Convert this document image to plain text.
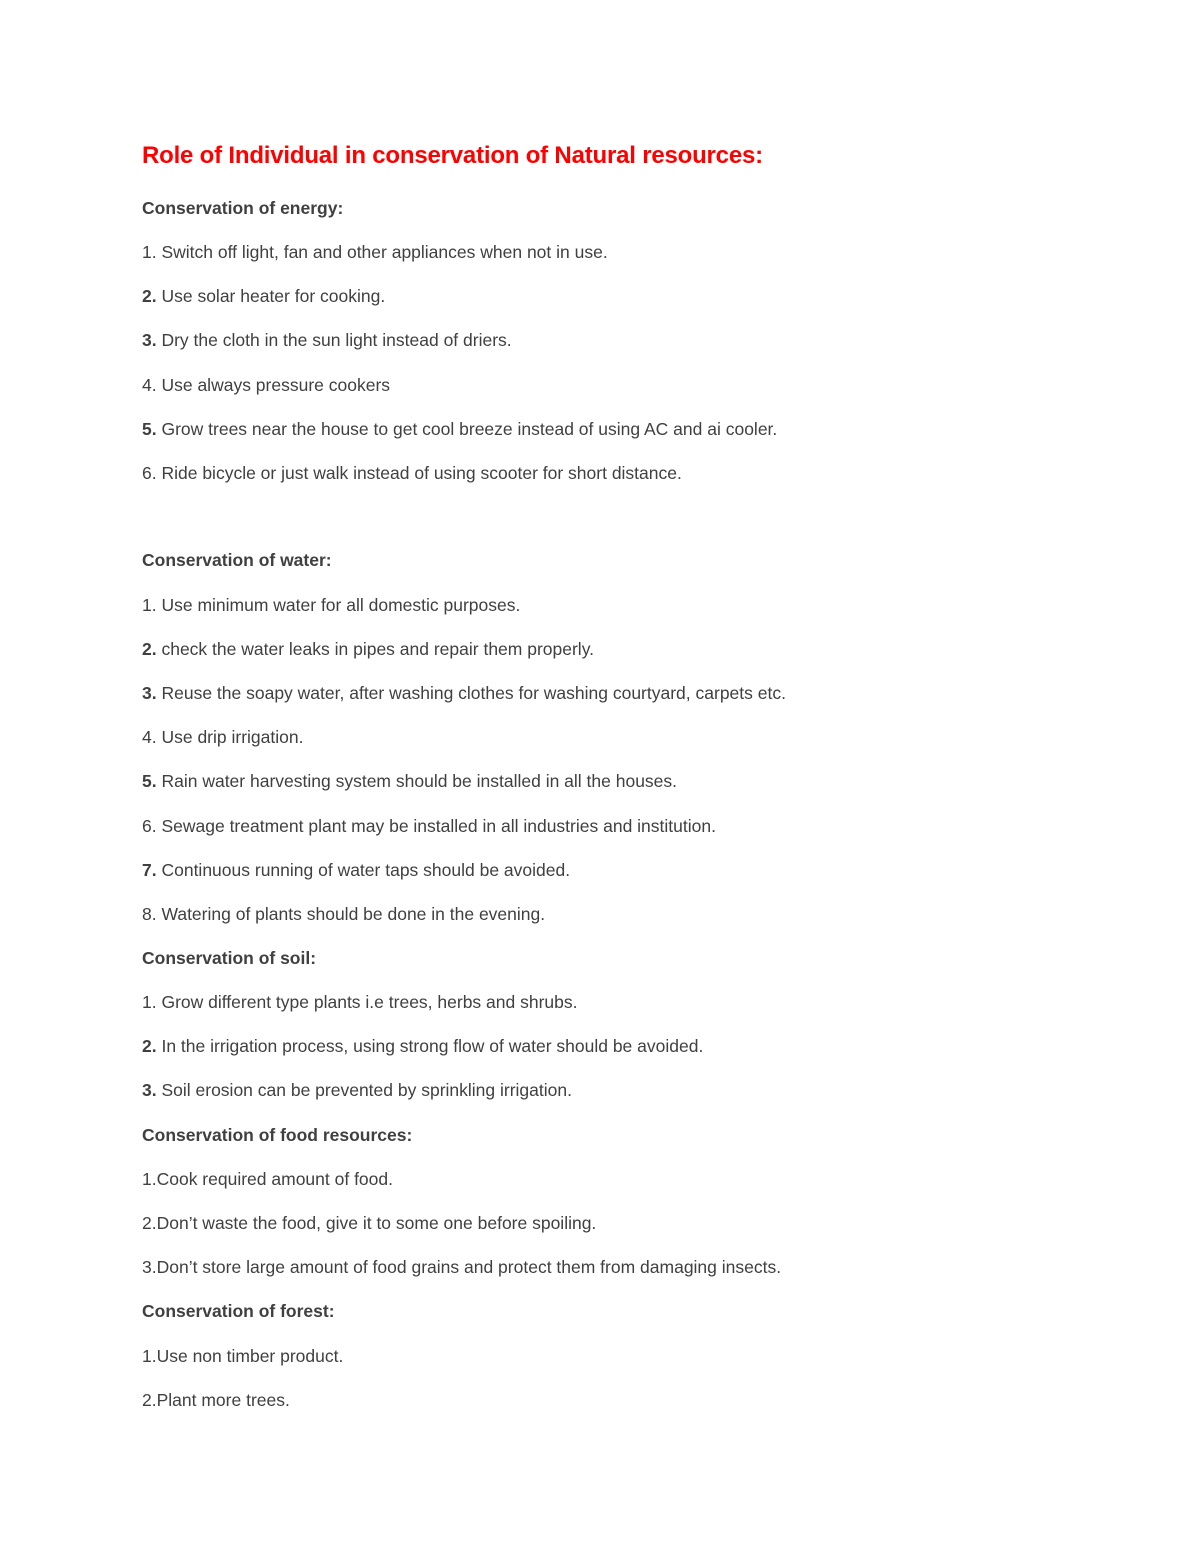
Role of Individual in conservation of Natural resources:
Conservation of energy:
1. Switch off light, fan and other appliances when not in use.
2. Use solar heater for cooking.
3. Dry the cloth in the sun light instead of driers.
4. Use always pressure cookers
5. Grow trees near the house to get cool breeze instead of using AC and ai cooler.
6. Ride bicycle or just walk instead of using scooter for short distance.
Conservation of water:
1. Use minimum water for all domestic purposes.
2. check the water leaks in pipes and repair them properly.
3. Reuse the soapy water, after washing clothes for washing courtyard, carpets etc.
4. Use drip irrigation.
5. Rain water harvesting system should be installed in all the houses.
6. Sewage treatment plant may be installed in all industries and institution.
7. Continuous running of water taps should be avoided.
8. Watering of plants should be done in the evening.
Conservation of soil:
1. Grow different type plants i.e trees, herbs and shrubs.
2. In the irrigation process, using strong flow of water should be avoided.
3. Soil erosion can be prevented by sprinkling irrigation.
Conservation of food resources:
1.Cook required amount of food.
2.Don’t waste the food, give it to some one before spoiling.
3.Don’t store large amount of food grains and protect them from damaging insects.
Conservation of forest:
1.Use non timber product.
2.Plant more trees.
